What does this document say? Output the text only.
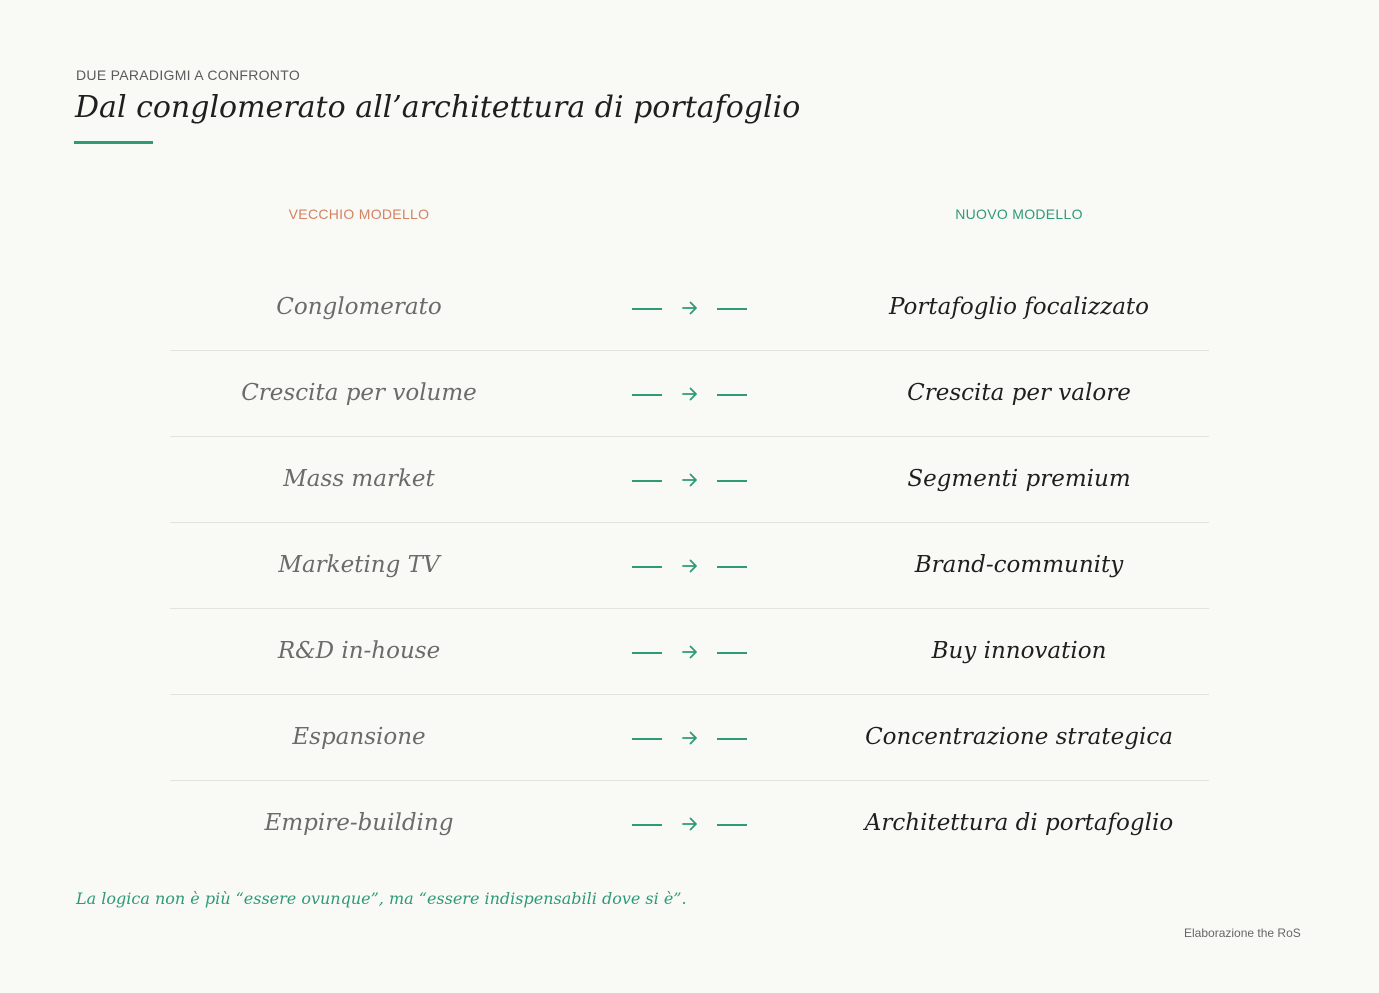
DUE PARADIGMI A CONFRONTO
Dal conglomerato all’architettura di portafoglio
VECCHIO MODELLO	NUOVO MODELLO
Conglomerato	Portafoglio focalizzato
Crescita per volume	Crescita per valore
Mass market	Segmenti premium
Marketing TV	Brand-community
R&D in-house	Buy innovation
Espansione	Concentrazione strategica
Empire-building	Architettura di portafoglio
La logica non è più “essere ovunque”, ma “essere indispensabili dove si è”.
Elaborazione the RoS
